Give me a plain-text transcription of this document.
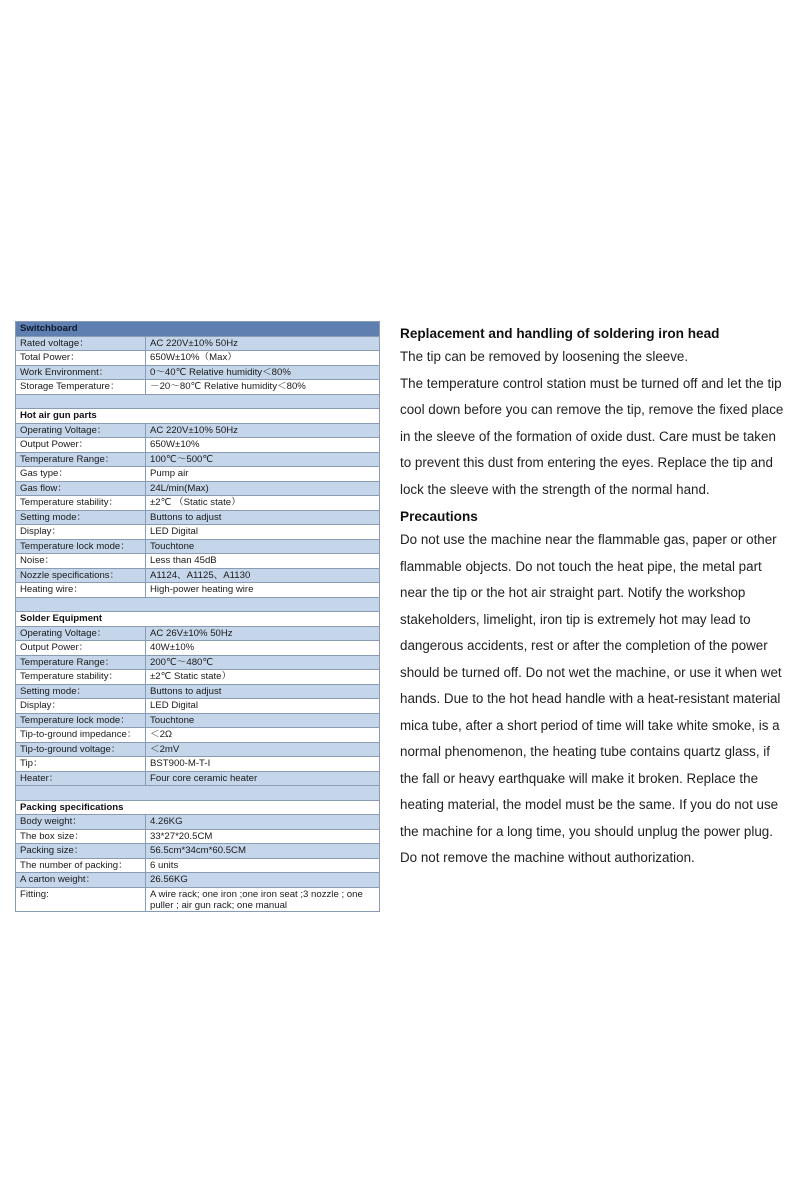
Switchboard	
Rated voltage：	AC 220V±10% 50Hz
Total Power：	650W±10%（Max）
Work Environment：	0～40℃ Relative humidity＜80%
Storage Temperature：	－20～80℃ Relative humidity＜80%

Hot air gun parts	
Operating Voltage：	AC 220V±10% 50Hz
Output Power：	650W±10%
Temperature Range：	100℃～500℃
Gas type：	Pump air
Gas flow：	24L/min(Max)
Temperature stability：	±2℃ （Static state）
Setting mode：	Buttons to adjust
Display：	LED Digital
Temperature lock mode：	Touchtone
Noise：	Less than 45dB
Nozzle specifications：	A1124、A1125、A1130
Heating wire：	High-power heating wire

Solder Equipment	
Operating Voltage：	AC 26V±10% 50Hz
Output Power：	40W±10%
Temperature Range：	200℃～480℃
Temperature stability：	±2℃ Static state）
Setting mode：	Buttons to adjust
Display：	LED Digital
Temperature lock mode：	Touchtone
Tip-to-ground impedance：	＜2Ω
Tip-to-ground voltage：	＜2mV
Tip：	BST900-M-T-I
Heater：	Four core ceramic heater

Packing specifications	
Body weight：	4.26KG
The box size：	33*27*20.5CM
Packing size：	56.5cm*34cm*60.5CM
The number of packing：	6 units
A carton weight：	26.56KG
Fitting:	A wire rack; one iron ;one iron seat ;3 nozzle ; one puller ; air gun rack; one manual
Replacement and handling of soldering iron head
The tip can be removed by loosening the sleeve.
The temperature control station must be turned off and let the tip
cool down before you can remove the tip, remove the fixed place
in the sleeve of the formation of oxide dust. Care must be taken
to prevent this dust from entering the eyes. Replace the tip and
lock the sleeve with the strength of the normal hand.
Precautions
Do not use the machine near the flammable gas, paper or other
flammable objects. Do not touch the heat pipe, the metal part
near the tip or the hot air straight part. Notify the workshop
stakeholders, limelight, iron tip is extremely hot may lead to
dangerous accidents, rest or after the completion of the power
should be turned off. Do not wet the machine, or use it when wet
hands. Due to the hot head handle with a heat-resistant material
mica tube, after a short period of time will take white smoke, is a
normal phenomenon, the heating tube contains quartz glass, if
the fall or heavy earthquake will make it broken. Replace the
heating material, the model must be the same. If you do not use
the machine for a long time, you should unplug the power plug.
Do not remove the machine without authorization.
